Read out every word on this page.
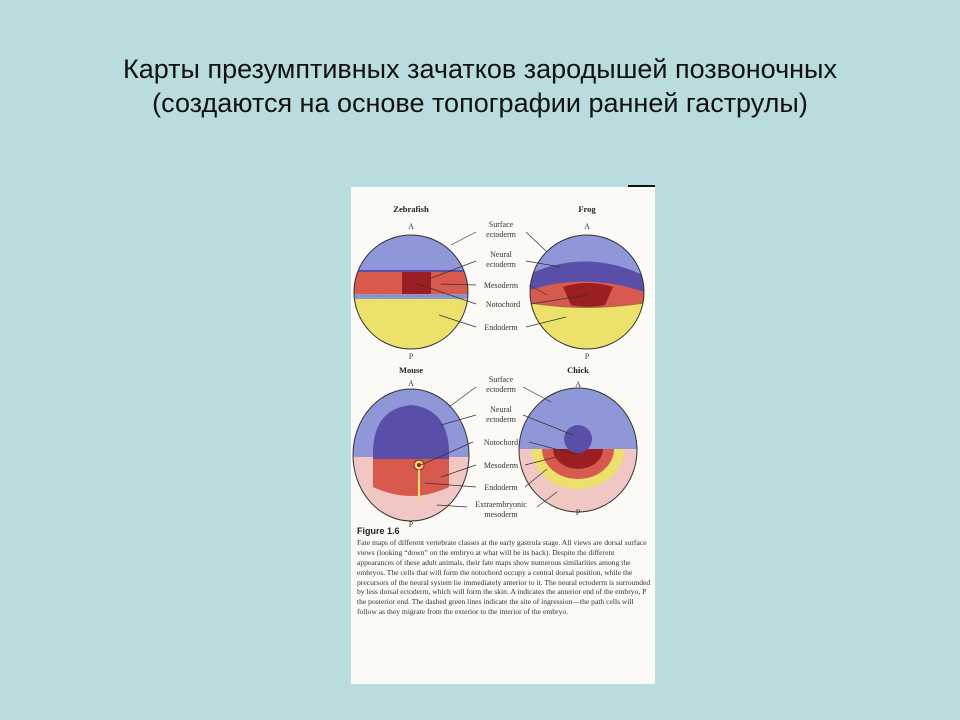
Карты презумптивных зачатков зародышей позвоночных
(создаются на основе топографии ранней гаструлы)
Zebrafish
A
P
Frog
A
P
Mouse
A
P
Chick
A
P
Surface
ectoderm
Neural
ectoderm
Mesoderm
Notochord
Endoderm
Surface
ectoderm
Neural
ectoderm
Notochord
Mesoderm
Endoderm
Extraembryonic
mesoderm
Figure 1.6
Fate maps of different vertebrate classes at the early gastrula stage. All views are dorsal surface views (looking “down” on the embryo at what will be its back). Despite the different appearances of these adult animals, their fate maps show numerous similarities among the embryos. The cells that will form the notochord occupy a central dorsal position, while the precursors of the neural system lie immediately anterior to it. The neural ectoderm is surrounded by less dorsal ectoderm, which will form the skin. A indicates the anterior end of the embryo, P the posterior end. The dashed green lines indicate the site of ingression—the path cells will follow as they migrate from the exterior to the interior of the embryo.
